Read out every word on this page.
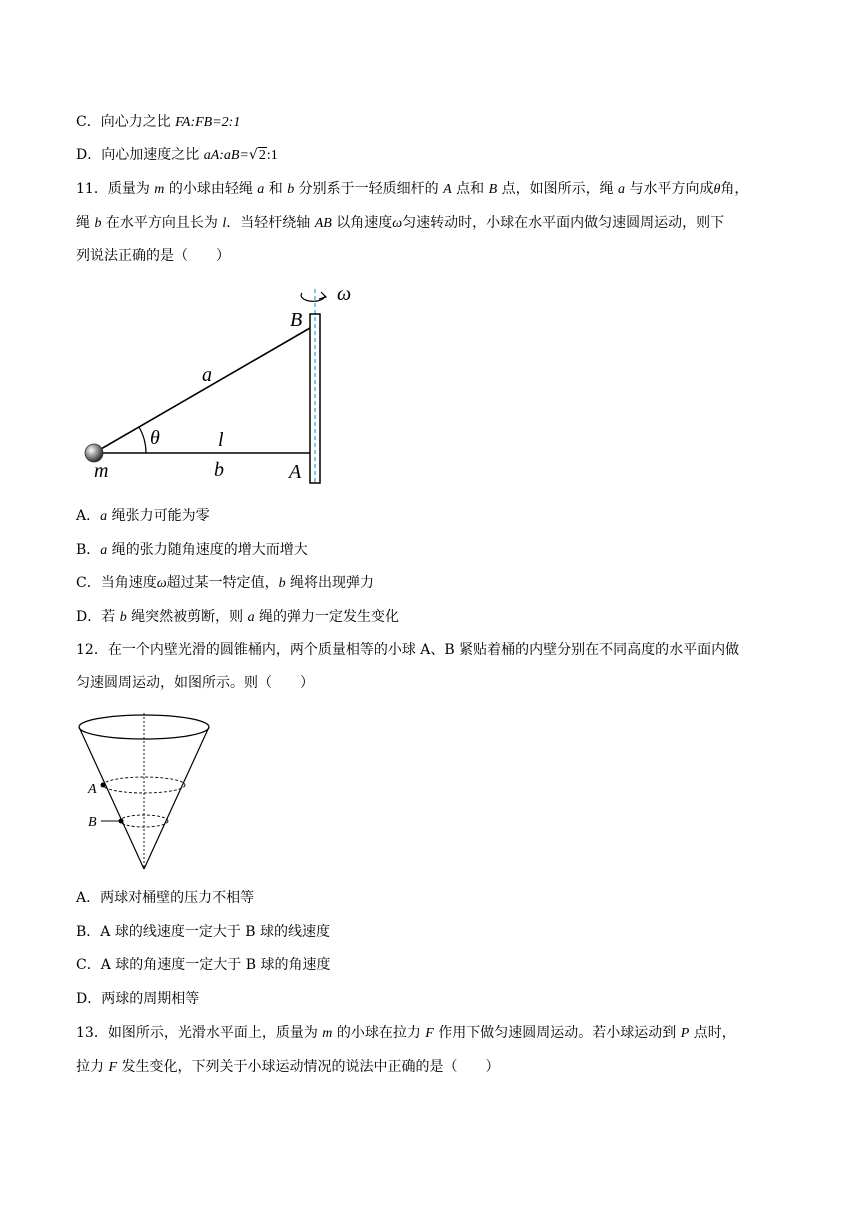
C．向心力之比 FA:FB=2:1
D．向心加速度之比 aA:aB=√2:1
11．质量为 m 的小球由轻绳 a 和 b 分别系于一轻质细杆的 A 点和 B 点，如图所示，绳 a 与水平方向成θ角，
绳 b 在水平方向且长为 l．当轻杆绕轴 AB 以角速度ω匀速转动时，小球在水平面内做匀速圆周运动，则下
列说法正确的是（　　）
ω
B
a
θ	l
b	A
m
A．a 绳张力可能为零
B．a 绳的张力随角速度的增大而增大
C．当角速度ω超过某一特定值，b 绳将出现弹力
D．若 b 绳突然被剪断，则 a 绳的弹力一定发生变化
12．在一个内壁光滑的圆锥桶内，两个质量相等的小球 A、B 紧贴着桶的内壁分别在不同高度的水平面内做
匀速圆周运动，如图所示。则（　　）
A
B
A．两球对桶壁的压力不相等
B．A 球的线速度一定大于 B 球的线速度
C．A 球的角速度一定大于 B 球的角速度
D．两球的周期相等
13．如图所示，光滑水平面上，质量为 m 的小球在拉力 F 作用下做匀速圆周运动。若小球运动到 P 点时，
拉力 F 发生变化，下列关于小球运动情况的说法中正确的是（　　）
